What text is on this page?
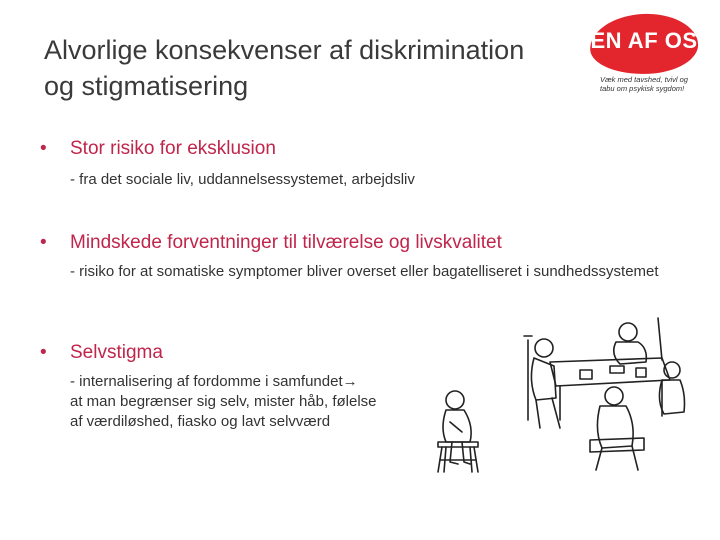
Alvorlige konsekvenser af diskrimination
og stigmatisering
EN AF OS
Væk med tavshed, tvivl og
tabu om psykisk sygdom!
• Stor risiko for eksklusion
- fra det sociale liv, uddannelsessystemet, arbejdsliv
• Mindskede forventninger til tilværelse og livskvalitet
- risiko for at somatiske symptomer bliver overset eller bagatelliseret i sundhedssystemet
• Selvstigma
- internalisering af fordomme i samfundet→
at man begrænser sig selv, mister håb, følelse
af værdiløshed, fiasko og lavt selvværd
